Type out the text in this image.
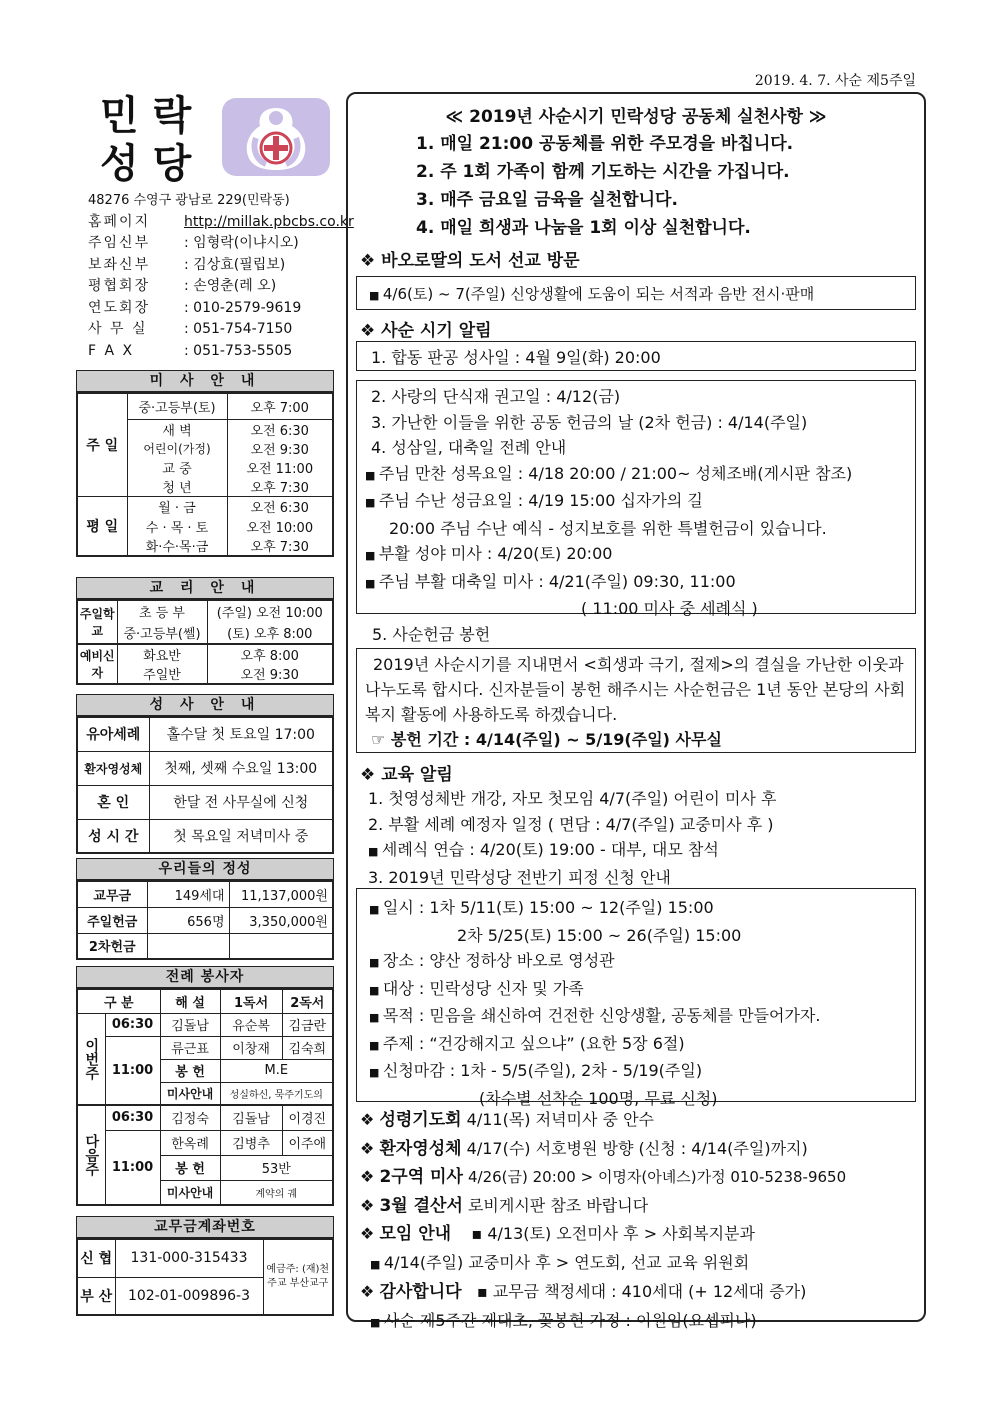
2019. 4. 7. 사순 제5주일
민락
성당
48276 수영구 광남로 229(민락동)
홈페이지	http://millak.pbcbs.co.kr
주임신부	: 임형락(이냐시오)
보좌신부	: 김상효(필립보)
평협회장	: 손영춘(레 오)
연도회장	: 010-2579-9619
사 무 실	: 051-754-7150
F A X	: 051-753-5505
미 사 안 내
주 일	중·고등부(토)	오후 7:00
	새 벽	오전 6:30
	어린이(가정)	오전 9:30
	교 중	오전 11:00
	청 년	오후 7:30
평 일	월 · 금	오전 6:30
	수 · 목 · 토	오전 10:00
	화·수·목·금	오후 7:30
교 리 안 내
주일학교	초 등 부	(주일) 오전 10:00
	중·고등부(쎌)	(토) 오후 8:00
예비신자	화요반	오후 8:00
	주일반	오전 9:30
성 사 안 내
유아세례	홀수달 첫 토요일 17:00
환자영성체	첫째, 셋째 수요일 13:00
혼 인	한달 전 사무실에 신청
성 시 간	첫 목요일 저녁미사 중
우리들의 정성
교무금	149세대	11,137,000원
주일헌금	656명	3,350,000원
2차헌금		
전례 봉사자
구 분		해 설	1독서	2독서
이번주	06:30	김돌남	유순복	김금란
	11:00	류근표	이창재	김숙희
		봉 헌	M.E	
		미사안내	성실하신, 묵주기도의	
다음주	06:30	김정숙	김돌남	이경진
	11:00	한옥례	김병추	이주애
		봉 헌	53반	
		미사안내	계약의 궤	
교무금계좌번호
신 협	131-000-315433	예금주: (재)천주교 부산교구
부 산	102-01-009896-3	
≪ 2019년 사순시기 민락성당 공동체 실천사항 ≫
1. 매일 21:00 공동체를 위한 주모경을 바칩니다.
2. 주 1회 가족이 함께 기도하는 시간을 가집니다.
3. 매주 금요일 금육을 실천합니다.
4. 매일 희생과 나눔을 1회 이상 실천합니다.
❖ 바오로딸의 도서 선교 방문
■ 4/6(토) ~ 7(주일) 신앙생활에 도움이 되는 서적과 음반 전시·판매
❖ 사순 시기 알림
1. 합동 판공 성사일 : 4월 9일(화) 20:00
2. 사랑의 단식재 권고일 : 4/12(금)
3. 가난한 이들을 위한 공동 헌금의 날 (2차 헌금) : 4/14(주일)
4. 성삼일, 대축일 전례 안내
■ 주님 만찬 성목요일 : 4/18 20:00 / 21:00~ 성체조배(게시판 참조)
■ 주님 수난 성금요일 : 4/19 15:00 십자가의 길
20:00 주님 수난 예식 - 성지보호를 위한 특별헌금이 있습니다.
■ 부활 성야 미사 : 4/20(토) 20:00
■ 주님 부활 대축일 미사 : 4/21(주일) 09:30, 11:00
( 11:00 미사 중 세례식 )
5. 사순헌금 봉헌
2019년 사순시기를 지내면서 <희생과 극기, 절제>의 결실을 가난한 이웃과 나누도록 합시다. 신자분들이 봉헌 해주시는 사순헌금은 1년 동안 본당의 사회 복지 활동에 사용하도록 하겠습니다.
☞ 봉헌 기간 : 4/14(주일) ~ 5/19(주일) 사무실
❖ 교육 알림
1. 첫영성체반 개강, 자모 첫모임 4/7(주일) 어린이 미사 후
2. 부활 세례 예정자 일정 ( 면담 : 4/7(주일) 교중미사 후 )
■ 세례식 연습 : 4/20(토) 19:00 - 대부, 대모 참석
3. 2019년 민락성당 전반기 피정 신청 안내
■ 일시 : 1차 5/11(토) 15:00 ~ 12(주일) 15:00
2차 5/25(토) 15:00 ~ 26(주일) 15:00
■ 장소 : 양산 정하상 바오로 영성관
■ 대상 : 민락성당 신자 및 가족
■ 목적 : 믿음을 쇄신하여 건전한 신앙생활, 공동체를 만들어가자.
■ 주제 : “건강해지고 싶으냐” (요한 5장 6절)
■ 신청마감 : 1차 - 5/5(주일), 2차 - 5/19(주일)
(차수별 선착순 100명, 무료 신청)
❖ 성령기도회 4/11(목) 저녁미사 중 안수
❖ 환자영성체 4/17(수) 서호병원 방향 (신청 : 4/14(주일)까지)
❖ 2구역 미사 4/26(금) 20:00 > 이명자(아녜스)가정 010-5238-9650
❖ 3월 결산서 로비게시판 참조 바랍니다
❖ 모임 안내 ▪ 4/13(토) 오전미사 후 > 사회복지분과
■ 4/14(주일) 교중미사 후 > 연도회, 선교 교육 위원회
❖ 감사합니다 ▪ 교무금 책정세대 : 410세대 (+ 12세대 증가)
■ 사순 제5주간 제대초, 꽃봉헌 가정 : 이원임(요셉피나)
